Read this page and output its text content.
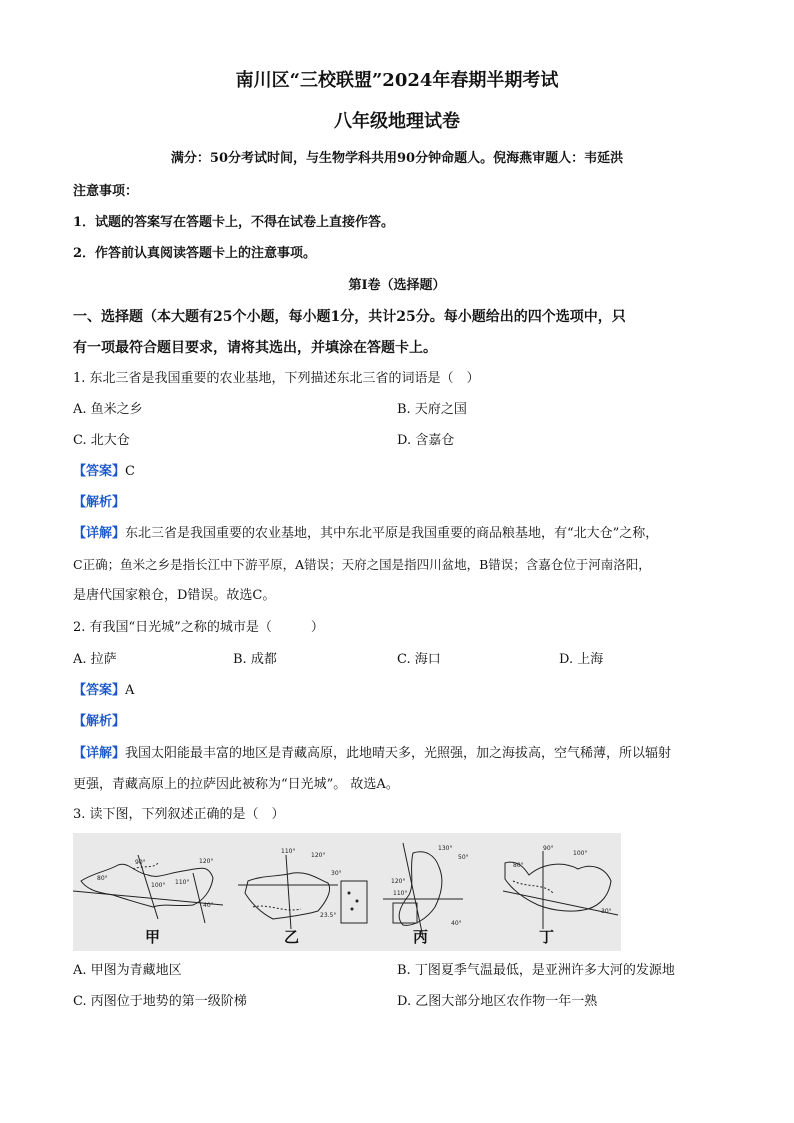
南川区“三校联盟”2024年春期半期考试
八年级地理试卷
满分：50分考试时间，与生物学科共用90分钟命题人。倪海燕审题人：韦延洪
注意事项：
1．试题的答案写在答题卡上，不得在试卷上直接作答。
2．作答前认真阅读答题卡上的注意事项。
第Ⅰ卷（选择题）
一、选择题（本大题有25个小题，每小题1分，共计25分。每小题给出的四个选项中，只
有一项最符合题目要求，请将其选出，并填涂在答题卡上。
1. 东北三省是我国重要的农业基地，下列描述东北三省的词语是（　）
A. 鱼米之乡	B. 天府之国
C. 北大仓	D. 含嘉仓
【答案】C
【解析】
【详解】东北三省是我国重要的农业基地，其中东北平原是我国重要的商品粮基地，有“北大仓”之称，
C正确；鱼米之乡是指长江中下游平原，A错误；天府之国是指四川盆地，B错误；含嘉仓位于河南洛阳，
是唐代国家粮仓，D错误。故选C。
2. 有我国“日光城”之称的城市是（　　　）
A. 拉萨	B. 成都	C. 海口	D. 上海
【答案】A
【解析】
【详解】我国太阳能最丰富的地区是青藏高原，此地晴天多，光照强，加之海拔高，空气稀薄，所以辐射
更强，青藏高原上的拉萨因此被称为“日光城”。 故选A。
3. 读下图，下列叙述正确的是（　）
90°
80°
100° 110°
120°
40°
110°
120°
30°
23.5°
130°
50°
120°
110°
40°
90°
100°
30°
80°
甲	乙	丙	丁
A. 甲图为青藏地区	B. 丁图夏季气温最低，是亚洲许多大河的发源地
C. 丙图位于地势的第一级阶梯	D. 乙图大部分地区农作物一年一熟
